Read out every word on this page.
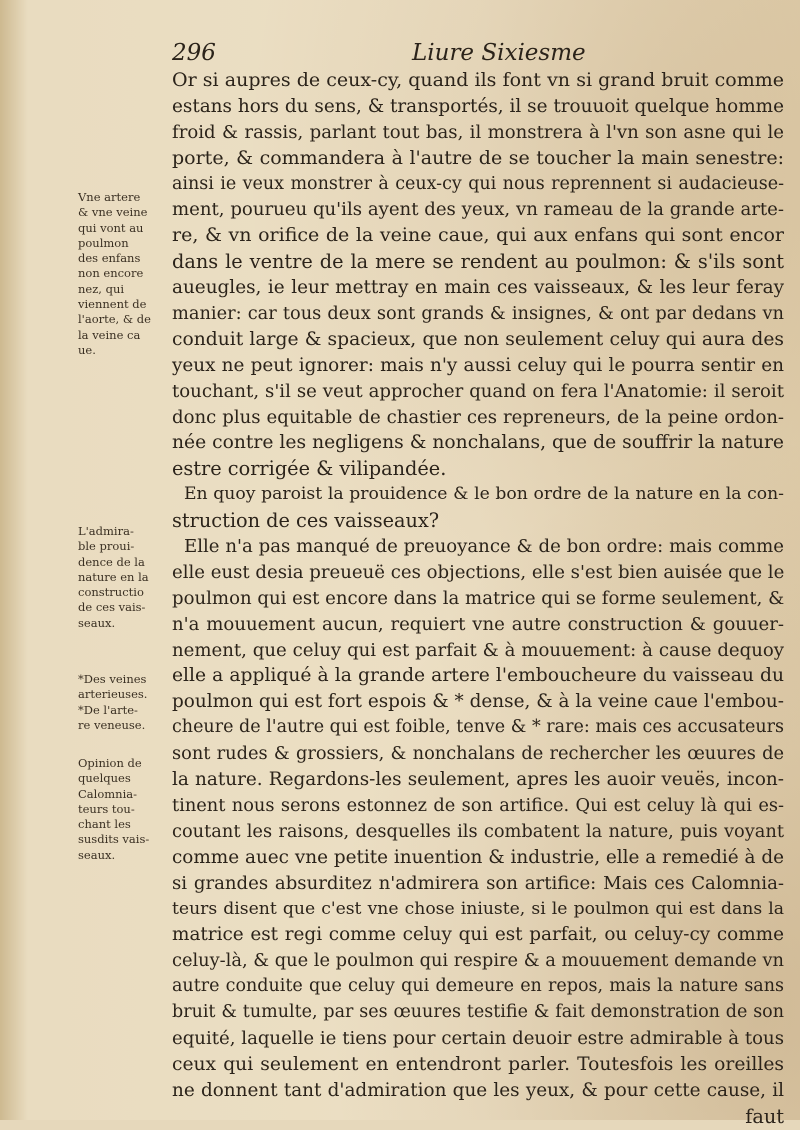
296	Liure Sixiesme
Or si aupres de ceux-cy, quand ils font vn si grand bruit comme
estans hors du sens, & transportés, il se trouuoit quelque homme
froid & rassis, parlant tout bas, il monstrera à l'vn son asne qui le
porte, & commandera à l'autre de se toucher la main senestre:
ainsi ie veux monstrer à ceux-cy qui nous reprennent si audacieuse-
ment, pourueu qu'ils ayent des yeux, vn rameau de la grande arte-
re, & vn orifice de la veine caue, qui aux enfans qui sont encor
dans le ventre de la mere se rendent au poulmon: & s'ils sont
aueugles, ie leur mettray en main ces vaisseaux, & les leur feray
manier: car tous deux sont grands & insignes, & ont par dedans vn
conduit large & spacieux, que non seulement celuy qui aura des
yeux ne peut ignorer: mais n'y aussi celuy qui le pourra sentir en
touchant, s'il se veut approcher quand on fera l'Anatomie: il seroit
donc plus equitable de chastier ces repreneurs, de la peine ordon-
née contre les negligens & nonchalans, que de souffrir la nature
estre corrigée & vilipandée.
En quoy paroist la prouidence & le bon ordre de la nature en la con-
struction de ces vaisseaux?
Elle n'a pas manqué de preuoyance & de bon ordre: mais comme
elle eust desia preueuë ces objections, elle s'est bien auisée que le
poulmon qui est encore dans la matrice qui se forme seulement, &
n'a mouuement aucun, requiert vne autre construction & gouuer-
nement, que celuy qui est parfait & à mouuement: à cause dequoy
elle a appliqué à la grande artere l'emboucheure du vaisseau du
poulmon qui est fort espois & * dense, & à la veine caue l'embou-
cheure de l'autre qui est foible, tenve & * rare: mais ces accusateurs
sont rudes & grossiers, & nonchalans de rechercher les œuures de
la nature. Regardons-les seulement, apres les auoir veuës, incon-
tinent nous serons estonnez de son artifice. Qui est celuy là qui es-
coutant les raisons, desquelles ils combatent la nature, puis voyant
comme auec vne petite inuention & industrie, elle a remedié à de
si grandes absurditez n'admirera son artifice: Mais ces Calomnia-
teurs disent que c'est vne chose iniuste, si le poulmon qui est dans la
matrice est regi comme celuy qui est parfait, ou celuy-cy comme
celuy-là, & que le poulmon qui respire & a mouuement demande vn
autre conduite que celuy qui demeure en repos, mais la nature sans
bruit & tumulte, par ses œuures testifie & fait demonstration de son
equité, laquelle ie tiens pour certain deuoir estre admirable à tous
ceux qui seulement en entendront parler. Toutesfois les oreilles
ne donnent tant d'admiration que les yeux, & pour cette cause, il
faut
Vne artere
& vne veine
qui vont au
poulmon
des enfans
non encore
nez, qui
viennent de
l'aorte, & de
la veine ca
ue.
L'admira-
ble proui-
dence de la
nature en la
constructio
de ces vais-
seaux.
*Des veines
arterieuses.
*De l'arte-
re veneuse.
Opinion de
quelques
Calomnia-
teurs tou-
chant les
susdits vais-
seaux.
